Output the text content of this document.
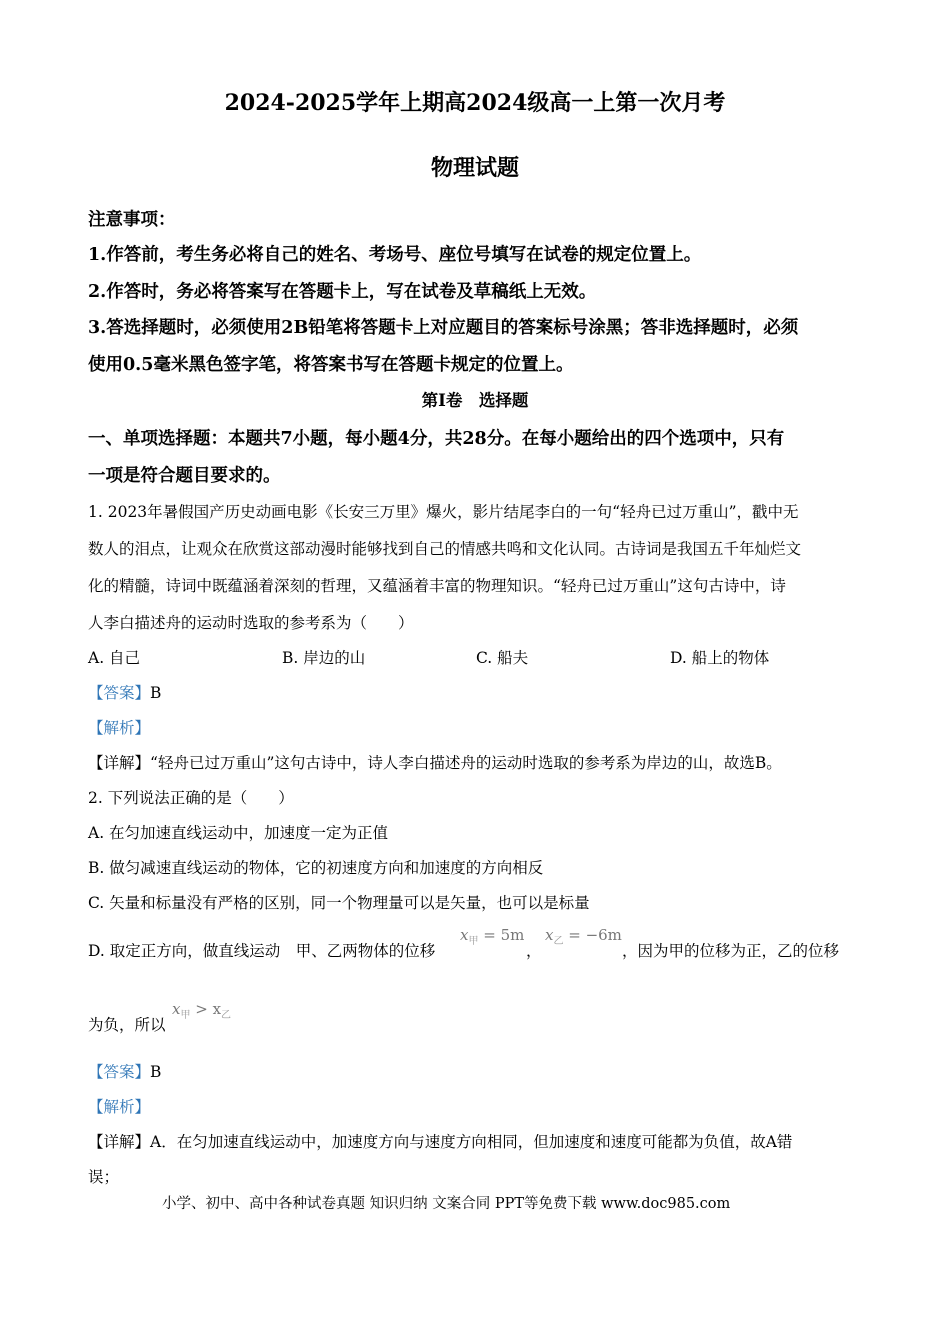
2024-2025学年上期高2024级高一上第一次月考
物理试题
注意事项：
1.作答前，考生务必将自己的姓名、考场号、座位号填写在试卷的规定位置上。
2.作答时，务必将答案写在答题卡上，写在试卷及草稿纸上无效。
3.答选择题时，必须使用2B铅笔将答题卡上对应题目的答案标号涂黑；答非选择题时，必须
使用0.5毫米黑色签字笔，将答案书写在答题卡规定的位置上。
第Ⅰ卷　选择题
一、单项选择题：本题共7小题，每小题4分，共28分。在每小题给出的四个选项中，只有
一项是符合题目要求的。
1. 2023年暑假国产历史动画电影《长安三万里》爆火，影片结尾李白的一句“轻舟已过万重山”，戳中无
数人的泪点，让观众在欣赏这部动漫时能够找到自己的情感共鸣和文化认同。古诗词是我国五千年灿烂文
化的精髓，诗词中既蕴涵着深刻的哲理，又蕴涵着丰富的物理知识。“轻舟已过万重山”这句古诗中，诗
人李白描述舟的运动时选取的参考系为（　　）
A. 自己	B. 岸边的山	C. 船夫	D. 船上的物体
【答案】B
【解析】
【详解】“轻舟已过万重山”这句古诗中，诗人李白描述舟的运动时选取的参考系为岸边的山，故选B。
2. 下列说法正确的是（　　）
A. 在匀加速直线运动中，加速度一定为正值
B. 做匀减速直线运动的物体，它的初速度方向和加速度的方向相反
C. 矢量和标量没有严格的区别，同一个物理量可以是矢量，也可以是标量
D. 取定正方向，做直线运动　甲、乙两物体的位移
$x_甲 = 5m$
，
$x_乙 = -6m$
，因为甲的位移为正，乙的位移
为负，所以
$x_甲 > x_乙$
【答案】B
【解析】
【详解】A．在匀加速直线运动中，加速度方向与速度方向相同，但加速度和速度可能都为负值，故A错
误；
小学、初中、高中各种试卷真题 知识归纳 文案合同 PPT等免费下载 www.doc985.com
